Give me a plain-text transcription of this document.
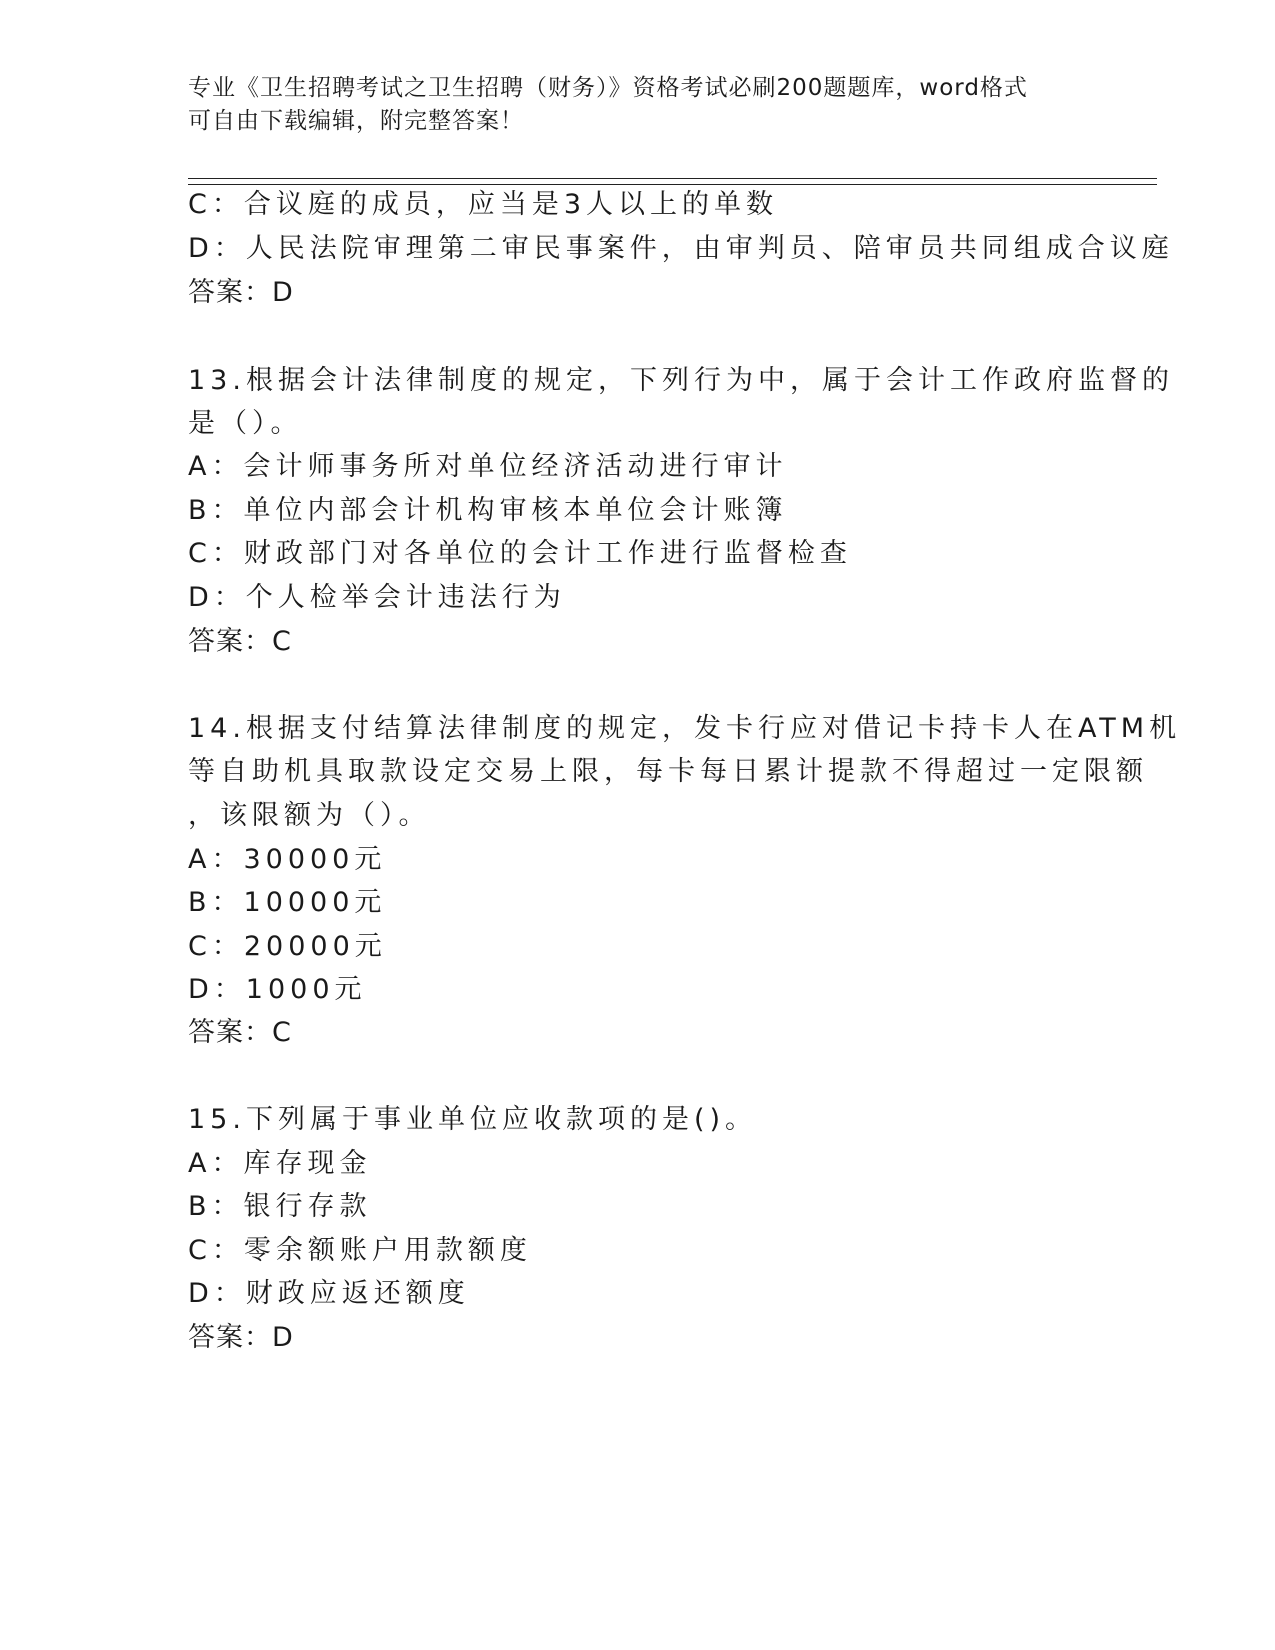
专业《卫生招聘考试之卫生招聘（财务）》资格考试必刷200题题库，word格式
可自由下载编辑，附完整答案！
C：合议庭的成员，应当是3人以上的单数
D：人民法院审理第二审民事案件，由审判员、陪审员共同组成合议庭
答案：D
13.根据会计法律制度的规定，下列行为中，属于会计工作政府监督的
是（）。
A：会计师事务所对单位经济活动进行审计
B：单位内部会计机构审核本单位会计账簿
C：财政部门对各单位的会计工作进行监督检查
D：个人检举会计违法行为
答案：C
14.根据支付结算法律制度的规定，发卡行应对借记卡持卡人在ATM机
等自助机具取款设定交易上限，每卡每日累计提款不得超过一定限额
，该限额为（）。
A：30000元
B：10000元
C：20000元
D：1000元
答案：C
15.下列属于事业单位应收款项的是()。
A：库存现金
B：银行存款
C：零余额账户用款额度
D：财政应返还额度
答案：D
